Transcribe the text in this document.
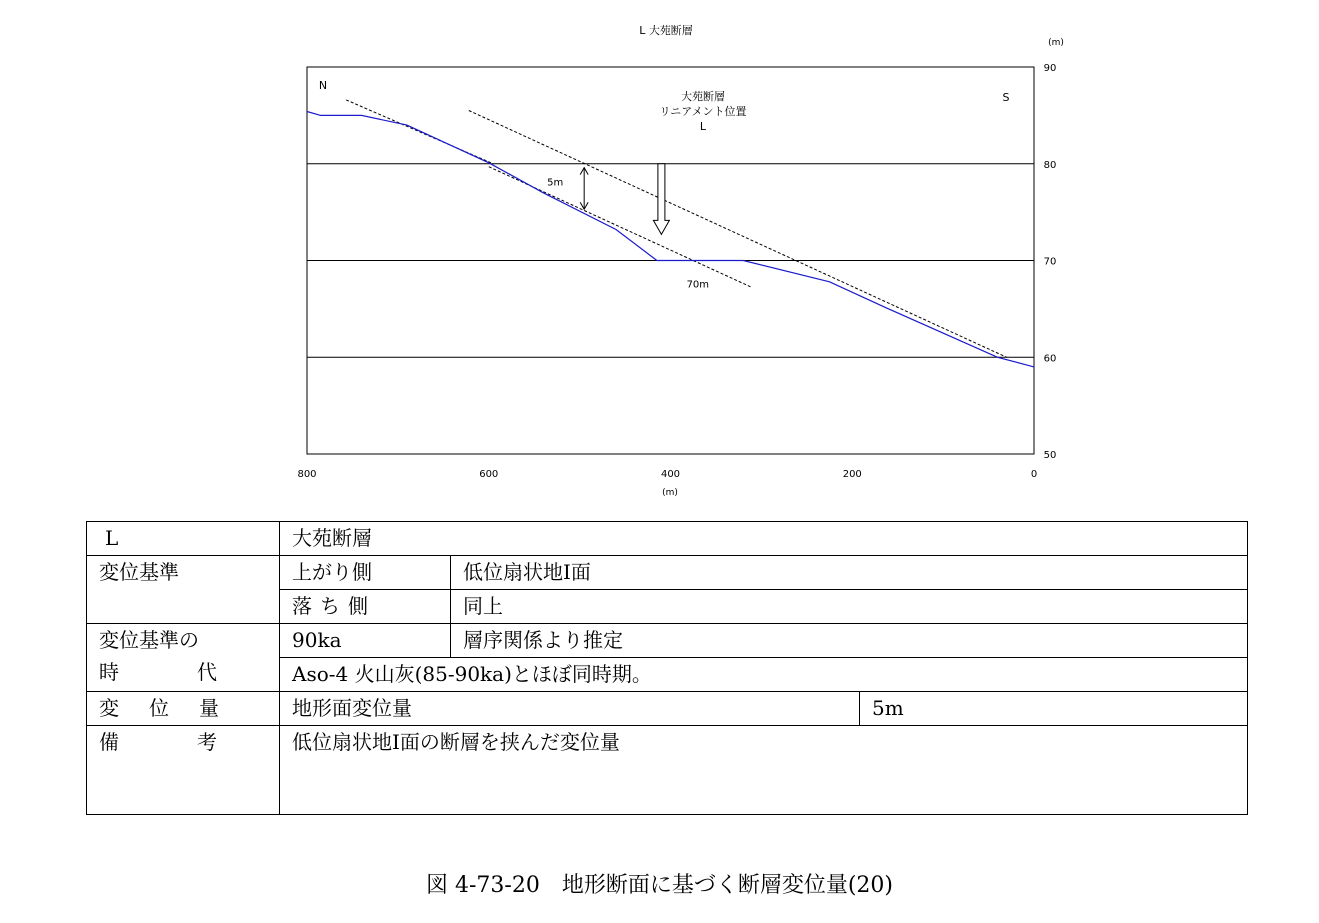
L 大苑断層
(m)
90
80
70
60
50
800	600	400	200	0
(m)
N
S
大苑断層
リニアメント位置
L
5m
70m
L	大苑断層		
変位基準	上がり側	低位扇状地Ⅰ面	
	落ち側	同上	

変位基準の
時 代	90ka	層序関係より推定	
	Aso-4 火山灰(85-90ka)とほぼ同時期。		

変 位 量	地形面変位量		5m

備 考	低位扇状地Ⅰ面の断層を挟んだ変位量		
図 4-73-20　地形断面に基づく断層変位量(20)
